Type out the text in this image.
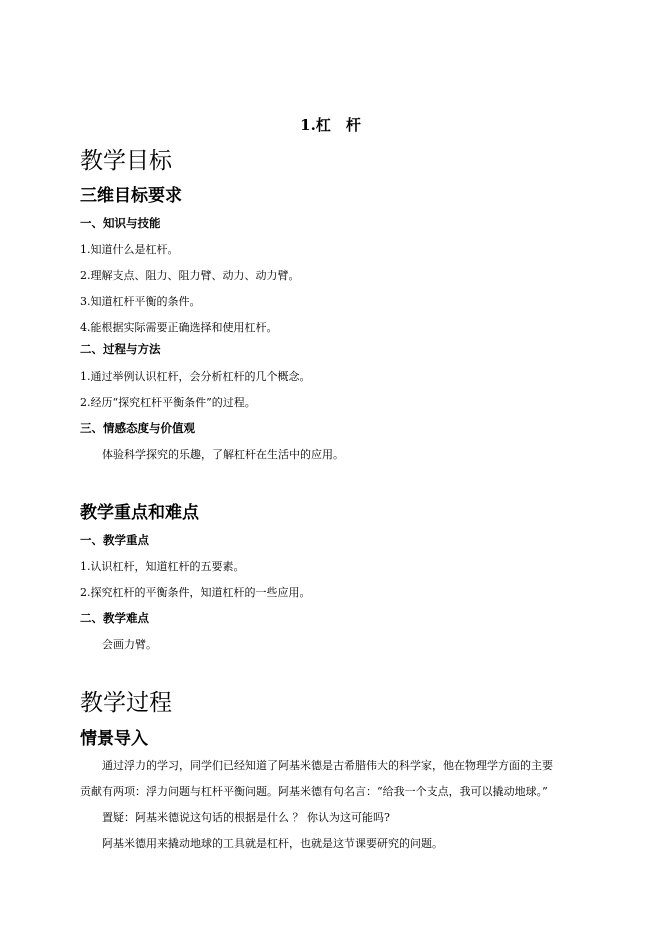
1.杠　杆
教学目标
三维目标要求
一、知识与技能
1.知道什么是杠杆。
2.理解支点、阻力、阻力臂、动力、动力臂。
3.知道杠杆平衡的条件。
4.能根据实际需要正确选择和使用杠杆。
二、过程与方法
1.通过举例认识杠杆，会分析杠杆的几个概念。
2.经历“探究杠杆平衡条件”的过程。
三、情感态度与价值观
体验科学探究的乐趣，了解杠杆在生活中的应用。
教学重点和难点
一、教学重点
1.认识杠杆，知道杠杆的五要素。
2.探究杠杆的平衡条件，知道杠杆的一些应用。
二、教学难点
会画力臂。
教学过程
情景导入
通过浮力的学习，同学们已经知道了阿基米德是古希腊伟大的科学家，他在物理学方面的主要
贡献有两项：浮力问题与杠杆平衡问题。阿基米德有句名言：“给我一个支点，我可以撬动地球。”
置疑：阿基米德说这句话的根据是什么 ？ 你认为这可能吗?
阿基米德用来撬动地球的工具就是杠杆，也就是这节课要研究的问题。
